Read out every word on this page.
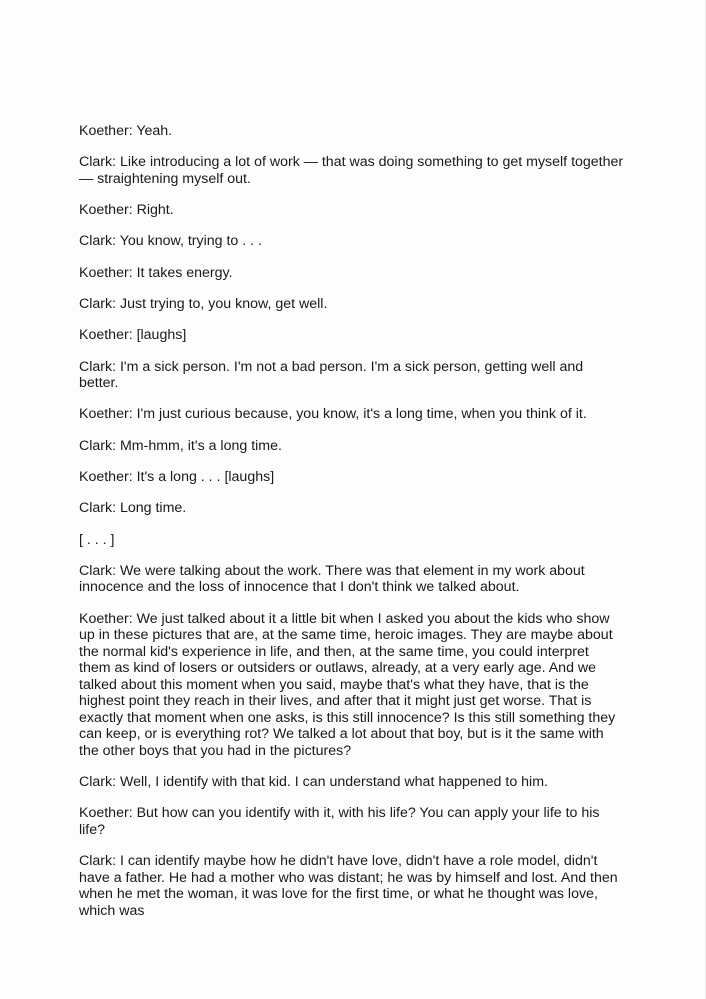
Koether: Yeah.

Clark: Like introducing a lot of work — that was doing something to get myself together — straightening myself out.

Koether: Right.

Clark: You know, trying to . . .

Koether: It takes energy.

Clark: Just trying to, you know, get well.

Koether: [laughs]

Clark: I'm a sick person. I'm not a bad person. I'm a sick person, getting well and better.

Koether: I'm just curious because, you know, it's a long time, when you think of it.

Clark: Mm-hmm, it's a long time.

Koether: It's a long . . . [laughs]

Clark: Long time.

[ . . . ]

Clark: We were talking about the work. There was that element in my work about innocence and the loss of innocence that I don't think we talked about.

Koether: We just talked about it a little bit when I asked you about the kids who show up in these pictures that are, at the same time, heroic images. They are maybe about the normal kid's experience in life, and then, at the same time, you could interpret them as kind of losers or outsiders or outlaws, already, at a very early age. And we talked about this moment when you said, maybe that's what they have, that is the highest point they reach in their lives, and after that it might just get worse. That is exactly that moment when one asks, is this still innocence? Is this still something they can keep, or is everything rot? We talked a lot about that boy, but is it the same with the other boys that you had in the pictures?

Clark: Well, I identify with that kid. I can understand what happened to him.

Koether: But how can you identify with it, with his life? You can apply your life to his life?

Clark: I can identify maybe how he didn't have love, didn't have a role model, didn't have a father. He had a mother who was distant; he was by himself and lost. And then when he met the woman, it was love for the first time, or what he thought was love, which was
